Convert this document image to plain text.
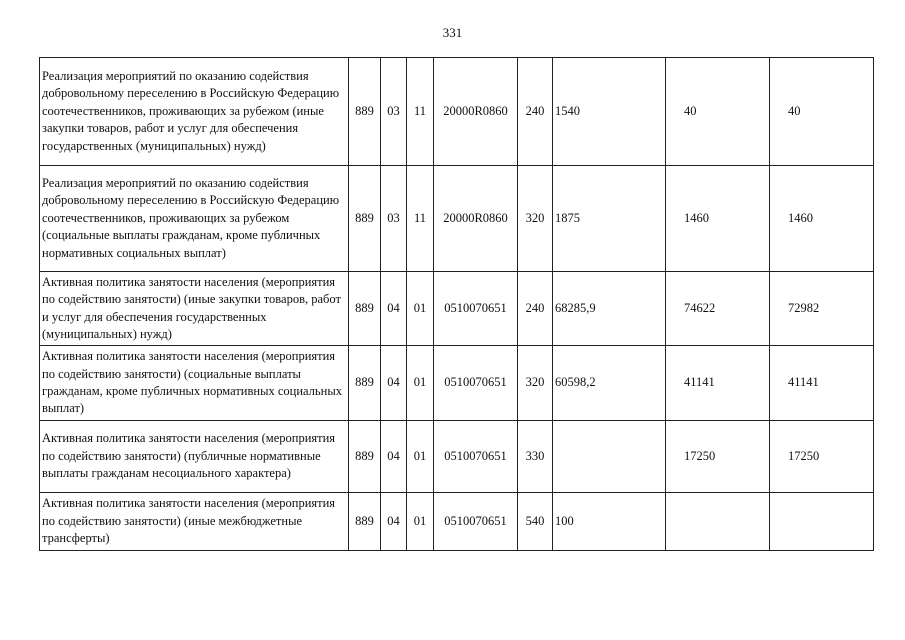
331
Реализация мероприятий по оказанию содействия добровольному переселению в Российскую Федерацию соотечественников, проживающих за рубежом (иные закупки товаров, работ и услуг для обеспечения государственных (муниципальных) нужд)	889	03	11	20000R0860	240	1540	40	40
Реализация мероприятий по оказанию содействия добровольному переселению в Российскую Федерацию соотечественников, проживающих за рубежом (социальные выплаты гражданам, кроме публичных нормативных социальных выплат)	889	03	11	20000R0860	320	1875	1460	1460
Активная политика занятости населения (мероприятия по содействию занятости) (иные закупки товаров, работ и услуг для обеспечения государственных (муниципальных) нужд)	889	04	01	0510070651	240	68285,9	74622	72982
Активная политика занятости населения (мероприятия по содействию занятости) (социальные выплаты гражданам, кроме публичных нормативных социальных выплат)	889	04	01	0510070651	320	60598,2	41141	41141
Активная политика занятости населения (мероприятия по содействию занятости) (публичные нормативные выплаты гражданам несоциального характера)	889	04	01	0510070651	330		17250	17250
Активная политика занятости населения (мероприятия по содействию занятости) (иные межбюджетные трансферты)	889	04	01	0510070651	540	100		
